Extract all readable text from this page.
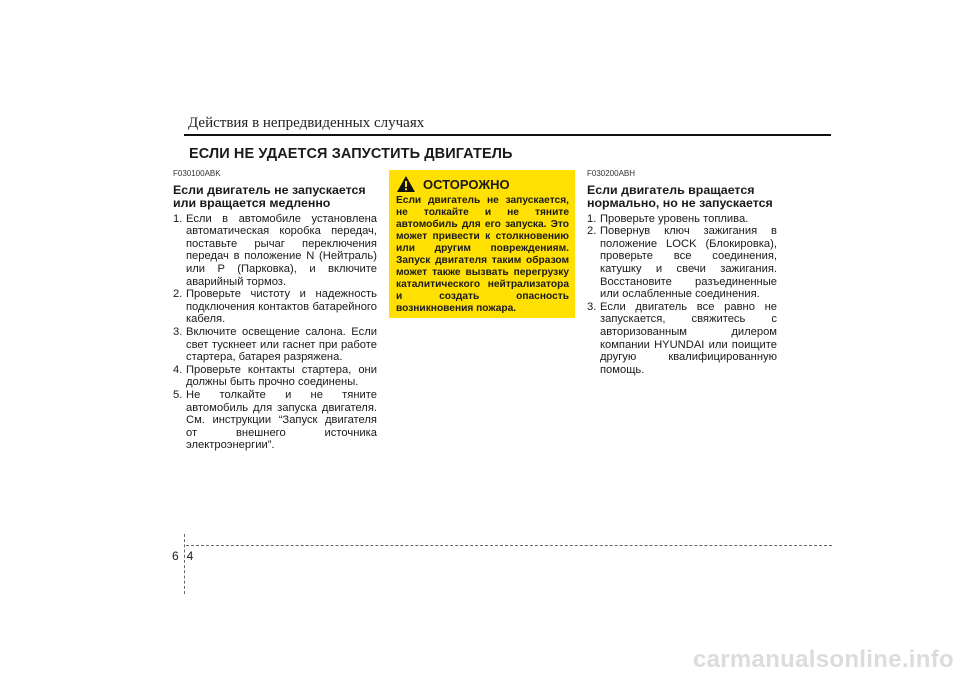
Действия в непредвиденных случаях
ЕСЛИ НЕ УДАЕТСЯ ЗАПУСТИТЬ ДВИГАТЕЛЬ
F030100ABK
Если двигатель не запускается или вращается медленно
1. Если в автомобиле установлена автоматическая коробка передач, поставьте рычаг переключения передач в положение N (Нейтраль) или P (Парковка), и включите аварийный тормоз.
2. Проверьте чистоту и надежность подключения контактов батарейного кабеля.
3. Включите освещение салона. Если свет тускнеет или гаснет при работе стартера, батарея разряжена.
4. Проверьте контакты стартера, они должны быть прочно соединены.
5. Не толкайте и не тяните автомобиль для запуска двигателя. См. инструкции “Запуск двигателя от внешнего источника электроэнергии”.
ОСТОРОЖНО
Если двигатель не запускается, не толкайте и не тяните автомобиль для его запуска. Это может привести к столкновению или другим повреждениям. Запуск двигателя таким образом может также вызвать перегрузку каталитического нейтрализатора и создать опасность возникновения пожара.
F030200ABH
Если двигатель вращается нормально, но не запускается
1. Проверьте уровень топлива.
2. Повернув ключ зажигания в положение LOCK (Блокировка), проверьте все соединения, катушку и свечи зажигания. Восстановите разъединенные или ослабленные соединения.
3. Если двигатель все равно не запускается, свяжитесь с авторизованным дилером компании HYUNDAI или поищите другую квалифицированную помощь.
64
carmanualsonline.info
